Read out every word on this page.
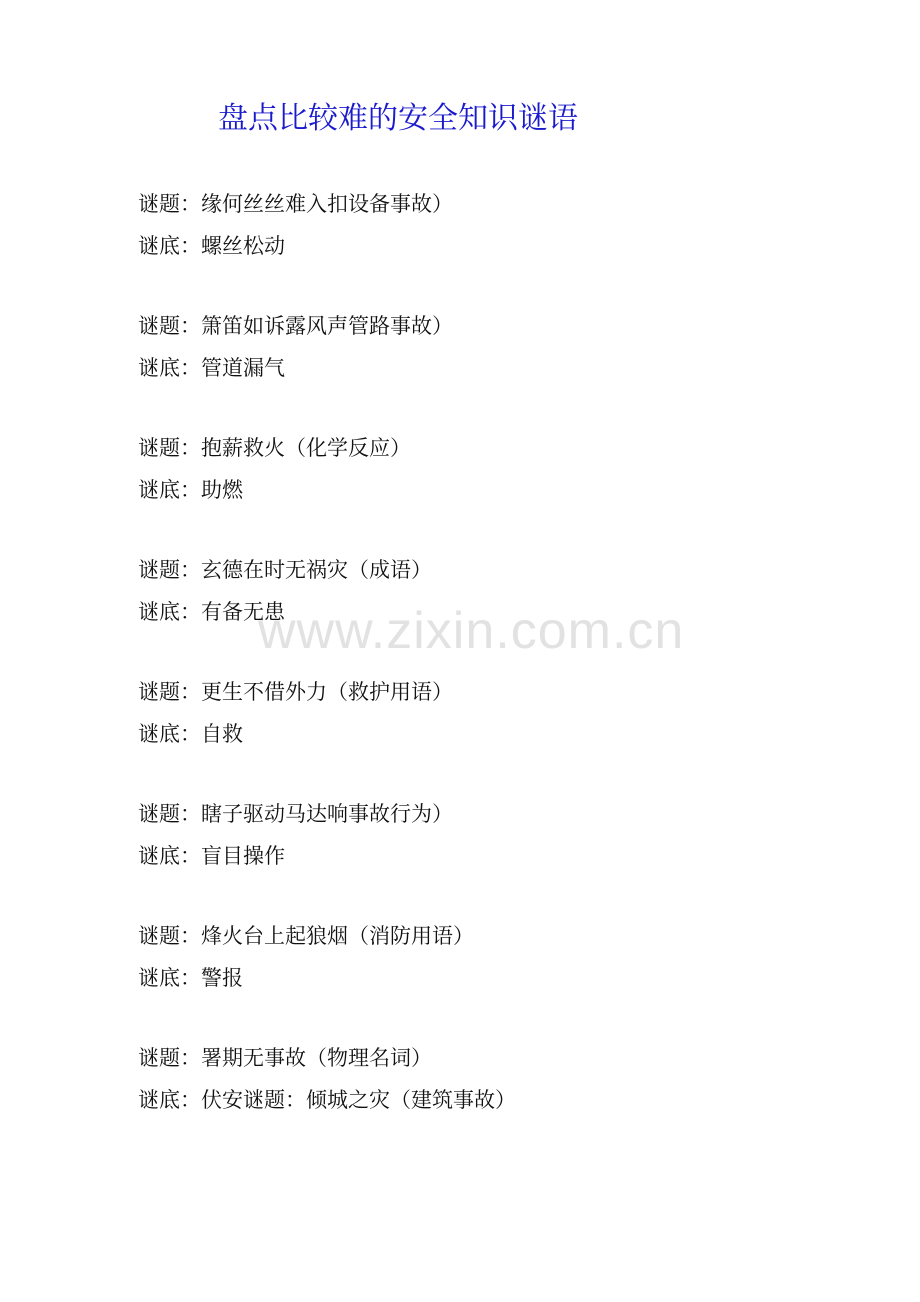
www.zixin.com.cn
盘点比较难的安全知识谜语
谜题：缘何丝丝难入扣设备事故）
谜底：螺丝松动
谜题：箫笛如诉露风声管路事故）
谜底：管道漏气
谜题：抱薪救火（化学反应）
谜底：助燃
谜题：玄德在时无祸灾（成语）
谜底：有备无患
谜题：更生不借外力（救护用语）
谜底：自救
谜题：瞎子驱动马达响事故行为）
谜底：盲目操作
谜题：烽火台上起狼烟（消防用语）
谜底：警报
谜题：署期无事故（物理名词）
谜底：伏安谜题：倾城之灾（建筑事故）
